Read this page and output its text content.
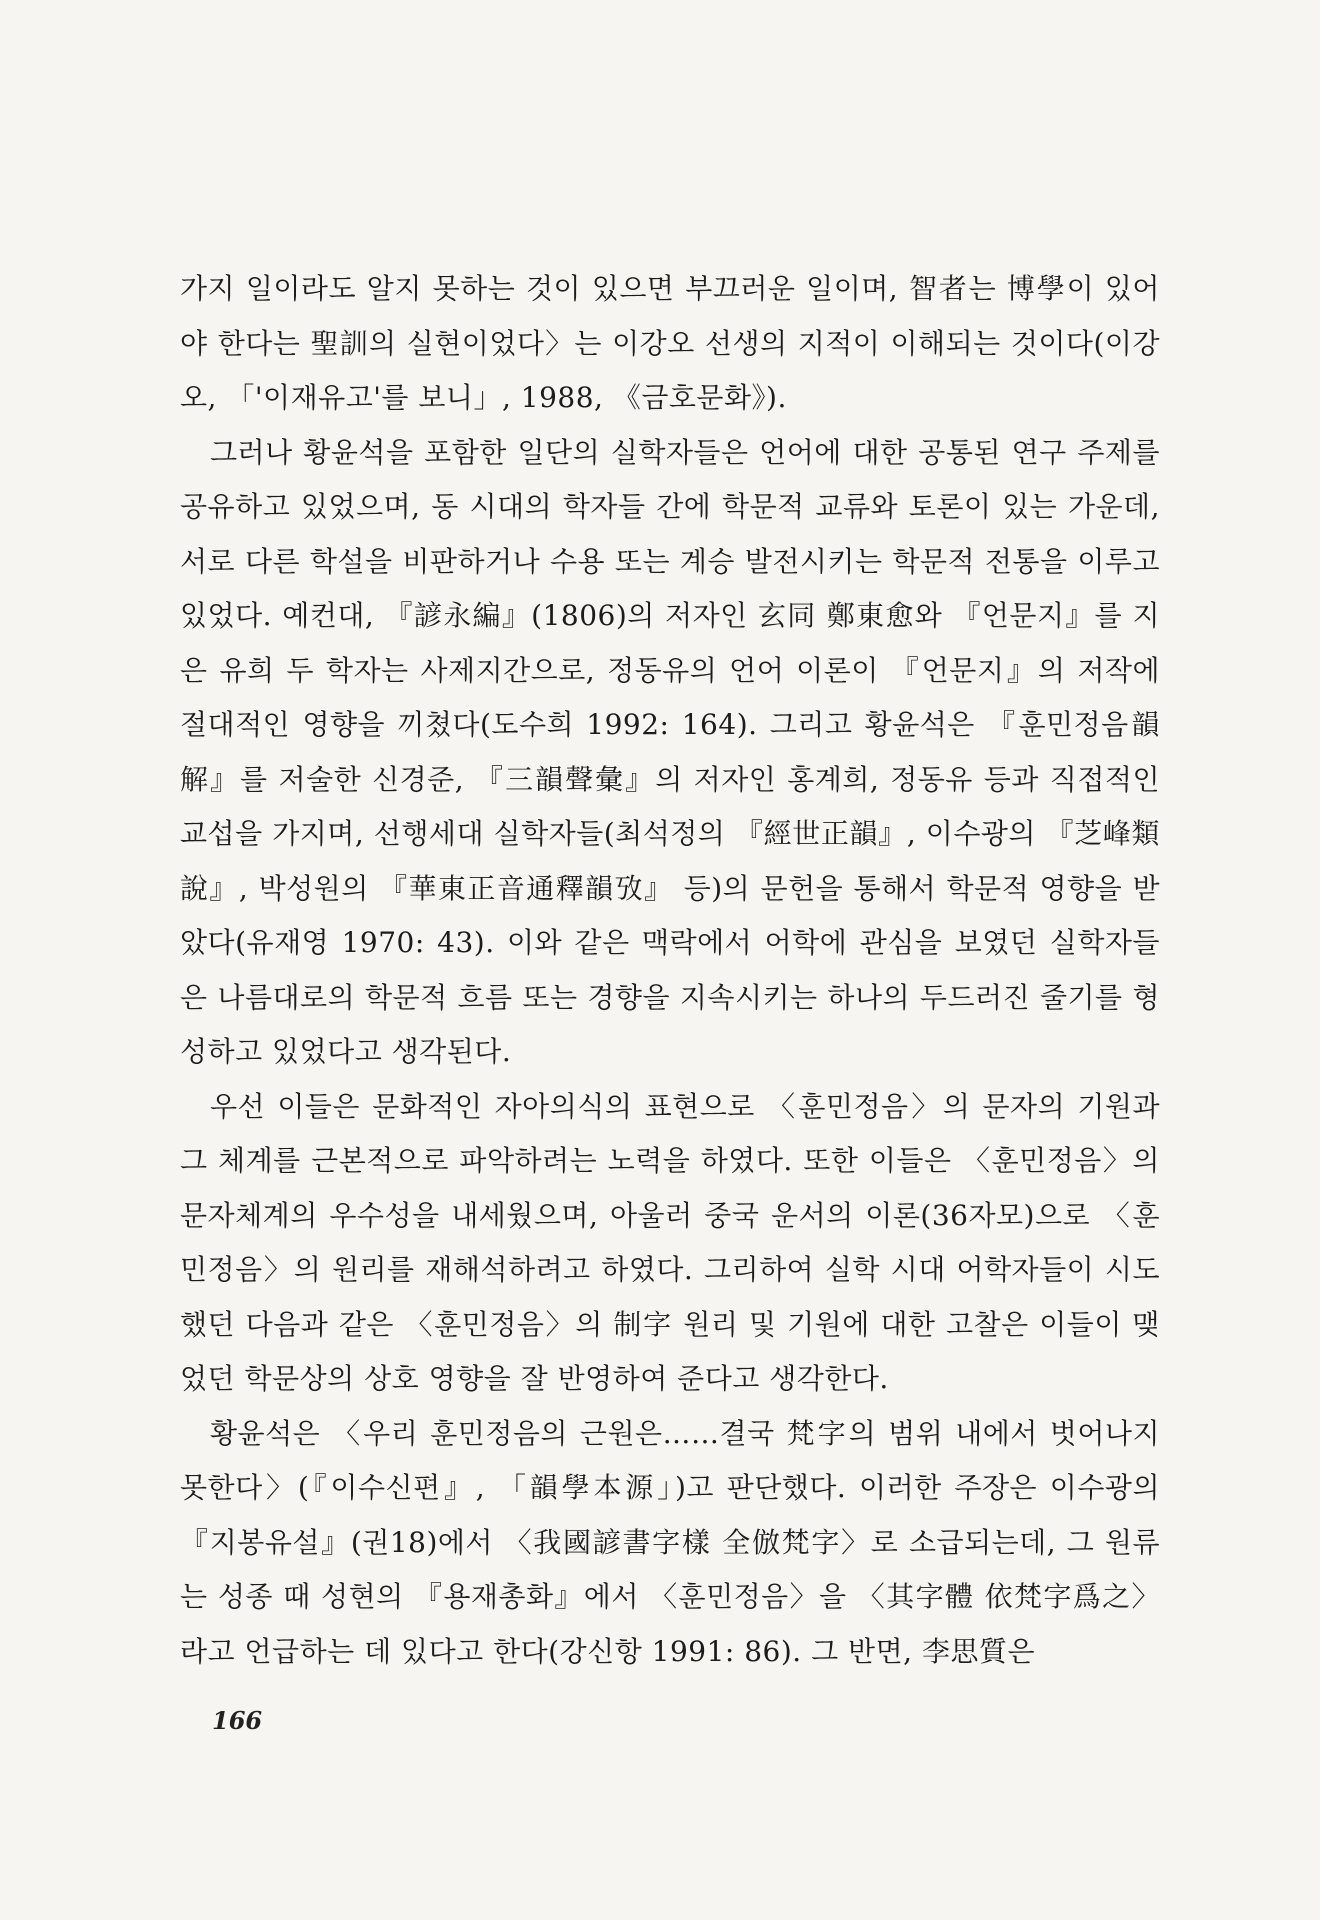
가지 일이라도 알지 못하는 것이 있으면 부끄러운 일이며, 智者는 博學이 있어야 한다는 聖訓의 실현이었다〉는 이강오 선생의 지적이 이해되는 것이다(이강오, 「'이재유고'를 보니」, 1988, 《금호문화》).

그러나 황윤석을 포함한 일단의 실학자들은 언어에 대한 공통된 연구 주제를 공유하고 있었으며, 동 시대의 학자들 간에 학문적 교류와 토론이 있는 가운데, 서로 다른 학설을 비판하거나 수용 또는 계승 발전시키는 학문적 전통을 이루고 있었다. 예컨대, 『諺永編』(1806)의 저자인 玄同 鄭東愈와 『언문지』를 지은 유희 두 학자는 사제지간으로, 정동유의 언어 이론이 『언문지』의 저작에 절대적인 영향을 끼쳤다(도수희 1992: 164). 그리고 황윤석은 『훈민정음韻解』를 저술한 신경준, 『三韻聲彙』의 저자인 홍계희, 정동유 등과 직접적인 교섭을 가지며, 선행세대 실학자들(최석정의 『經世正韻』, 이수광의 『芝峰類說』, 박성원의 『華東正音通釋韻攷』 등)의 문헌을 통해서 학문적 영향을 받았다(유재영 1970: 43). 이와 같은 맥락에서 어학에 관심을 보였던 실학자들은 나름대로의 학문적 흐름 또는 경향을 지속시키는 하나의 두드러진 줄기를 형성하고 있었다고 생각된다.

우선 이들은 문화적인 자아의식의 표현으로 〈훈민정음〉의 문자의 기원과 그 체계를 근본적으로 파악하려는 노력을 하였다. 또한 이들은 〈훈민정음〉의 문자체계의 우수성을 내세웠으며, 아울러 중국 운서의 이론(36자모)으로 〈훈민정음〉의 원리를 재해석하려고 하였다. 그리하여 실학 시대 어학자들이 시도했던 다음과 같은 〈훈민정음〉의 制字 원리 및 기원에 대한 고찰은 이들이 맺었던 학문상의 상호 영향을 잘 반영하여 준다고 생각한다.

황윤석은 〈우리 훈민정음의 근원은……결국 梵字의 범위 내에서 벗어나지 못한다〉(『이수신편』, 「韻學本源」)고 판단했다. 이러한 주장은 이수광의 『지봉유설』(권18)에서 〈我國諺書字樣 全倣梵字〉로 소급되는데, 그 원류는 성종 때 성현의 『용재총화』에서 〈훈민정음〉을 〈其字體 依梵字爲之〉라고 언급하는 데 있다고 한다(강신항 1991: 86). 그 반면, 李思質은

166
